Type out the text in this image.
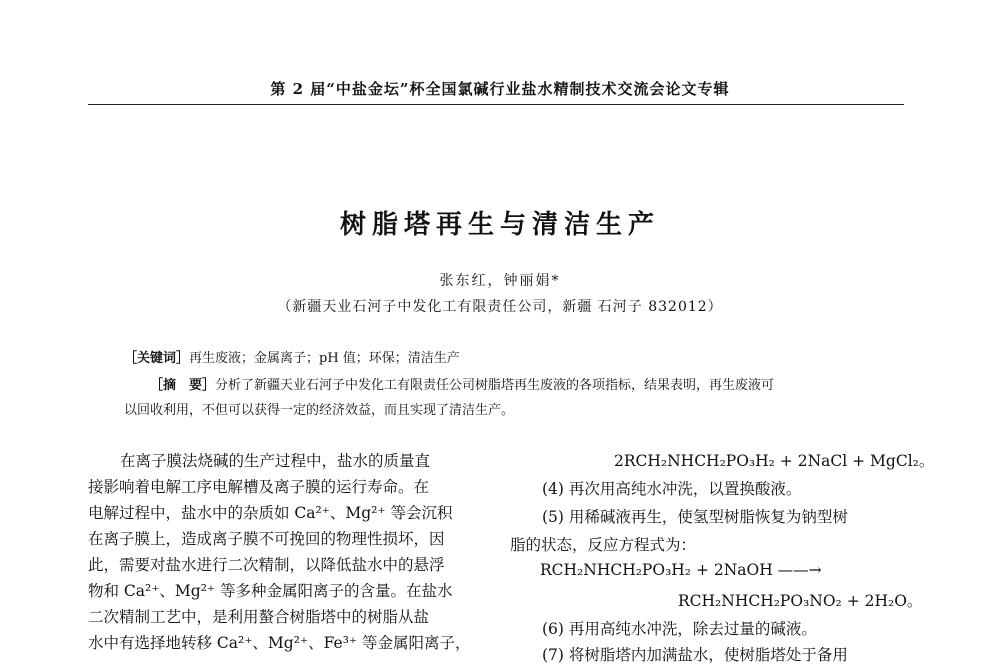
第 2 届“中盐金坛”杯全国氯碱行业盐水精制技术交流会论文专辑
树脂塔再生与清洁生产
张东红，钟丽娟*
（新疆天业石河子中发化工有限责任公司，新疆 石河子 832012）
［关键词］再生废液；金属离子；pH 值；环保；清洁生产
［摘　要］分析了新疆天业石河子中发化工有限责任公司树脂塔再生废液的各项指标，结果表明，再生废液可
以回收利用，不但可以获得一定的经济效益，而且实现了清洁生产。
在离子膜法烧碱的生产过程中，盐水的质量直
接影响着电解工序电解槽及离子膜的运行寿命。在
电解过程中，盐水中的杂质如 Ca²⁺、Mg²⁺ 等会沉积
在离子膜上，造成离子膜不可挽回的物理性损坏，因
此，需要对盐水进行二次精制，以降低盐水中的悬浮
物和 Ca²⁺、Mg²⁺ 等多种金属阳离子的含量。在盐水
二次精制工艺中，是利用螯合树脂塔中的树脂从盐
水中有选择地转移 Ca²⁺、Mg²⁺、Fe³⁺ 等金属阳离子，
2RCH₂NHCH₂PO₃H₂ + 2NaCl + MgCl₂。
(4) 再次用高纯水冲洗，以置换酸液。
(5) 用稀碱液再生，使氢型树脂恢复为钠型树
脂的状态，反应方程式为：
RCH₂NHCH₂PO₃H₂ + 2NaOH ——→
RCH₂NHCH₂PO₃NO₂ + 2H₂O。
(6) 再用高纯水冲洗，除去过量的碱液。
(7) 将树脂塔内加满盐水，使树脂塔处于备用
